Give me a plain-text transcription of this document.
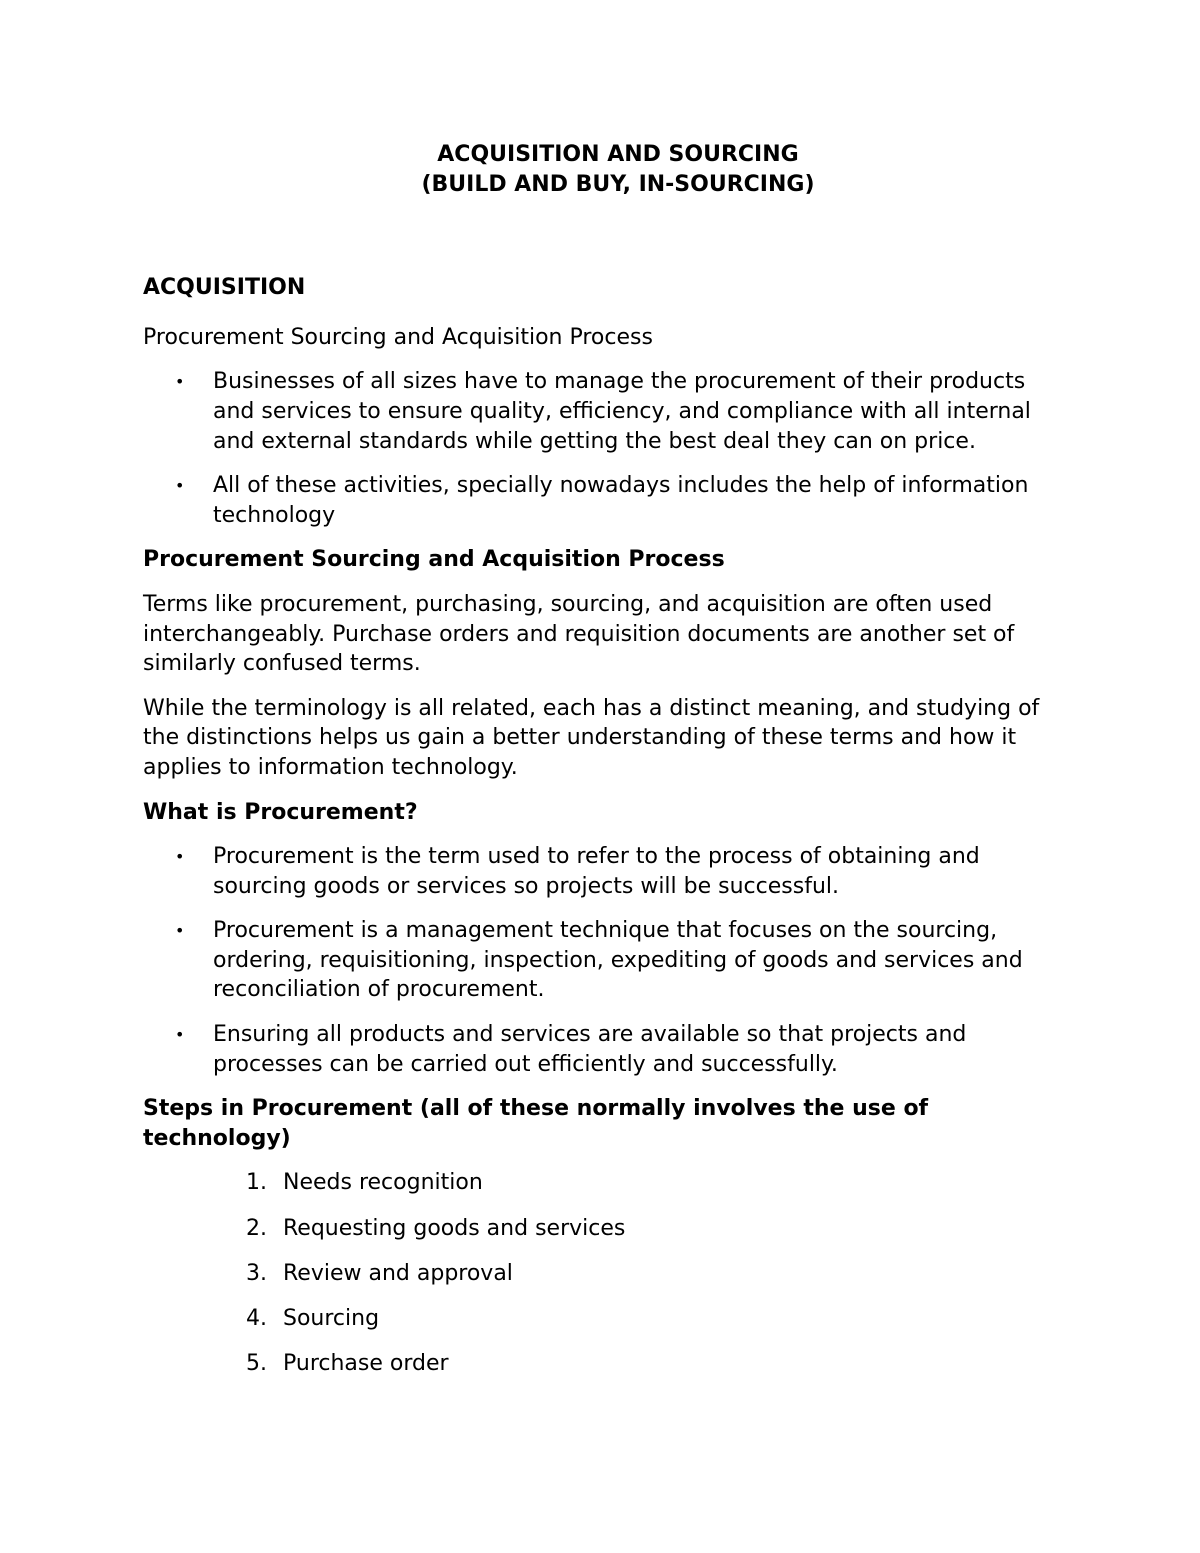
ACQUISITION AND SOURCING
(BUILD AND BUY, IN-SOURCING)
ACQUISITION
Procurement Sourcing and Acquisition Process
• Businesses of all sizes have to manage the procurement of their products and services to ensure quality, efficiency, and compliance with all internal and external standards while getting the best deal they can on price.
• All of these activities, specially nowadays includes the help of information technology
Procurement Sourcing and Acquisition Process
Terms like procurement, purchasing, sourcing, and acquisition are often used interchangeably. Purchase orders and requisition documents are another set of similarly confused terms.
While the terminology is all related, each has a distinct meaning, and studying of the distinctions helps us gain a better understanding of these terms and how it applies to information technology.
What is Procurement?
• Procurement is the term used to refer to the process of obtaining and sourcing goods or services so projects will be successful.
• Procurement is a management technique that focuses on the sourcing, ordering, requisitioning, inspection, expediting of goods and services and reconciliation of procurement.
• Ensuring all products and services are available so that projects and processes can be carried out efficiently and successfully.
Steps in Procurement (all of these normally involves the use of technology)
1. Needs recognition
2. Requesting goods and services
3. Review and approval
4. Sourcing
5. Purchase order
